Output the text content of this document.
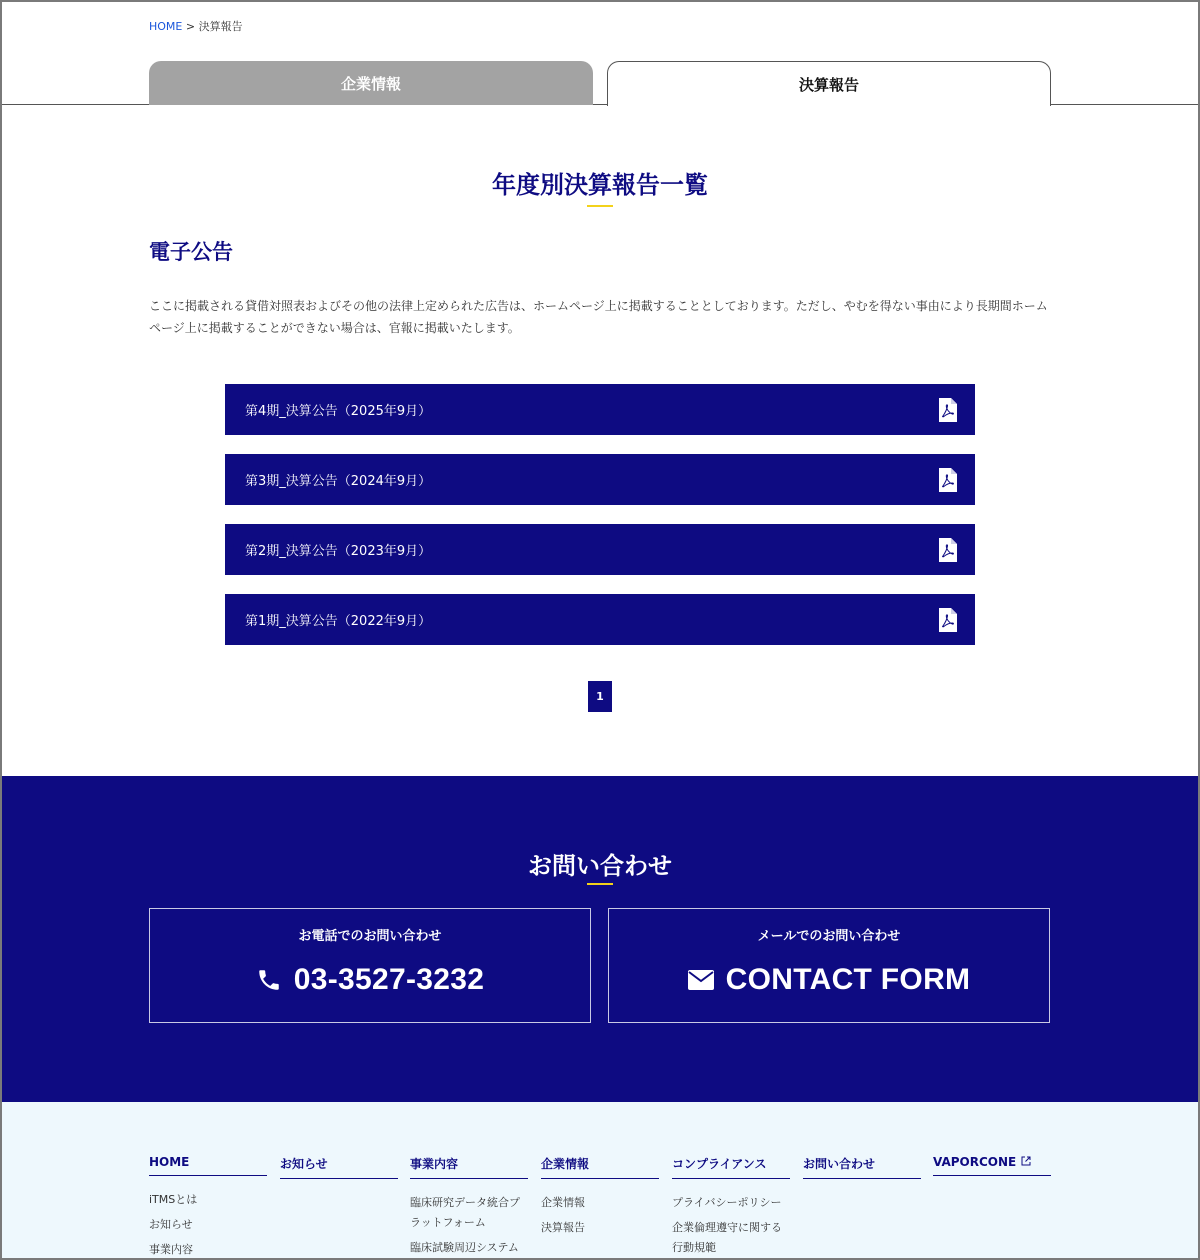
HOME > 決算報告
企業情報	決算報告
年度別決算報告一覧
電子公告

ここに掲載される貸借対照表およびその他の法律上定められた広告は、ホームページ上に掲載することとしております。ただし、やむを得ない事由により長期間ホームページ上に掲載することができない場合は、官報に掲載いたします。

第4期_決算公告（2025年9月）
第3期_決算公告（2024年9月）
第2期_決算公告（2023年9月）
第1期_決算公告（2022年9月）
1
お問い合わせ
お電話でのお問い合わせ
03-3527-3232
メールでのお問い合わせ
CONTACT FORM
HOME
iTMSとは
お知らせ
事業内容
お知らせ	事業内容
臨床研究データ統合プラットフォーム
臨床試験周辺システム
企業情報
企業情報
決算報告
コンプライアンス
プライバシーポリシー
企業倫理遵守に関する行動規範
お問い合わせ	VAPORCONE
